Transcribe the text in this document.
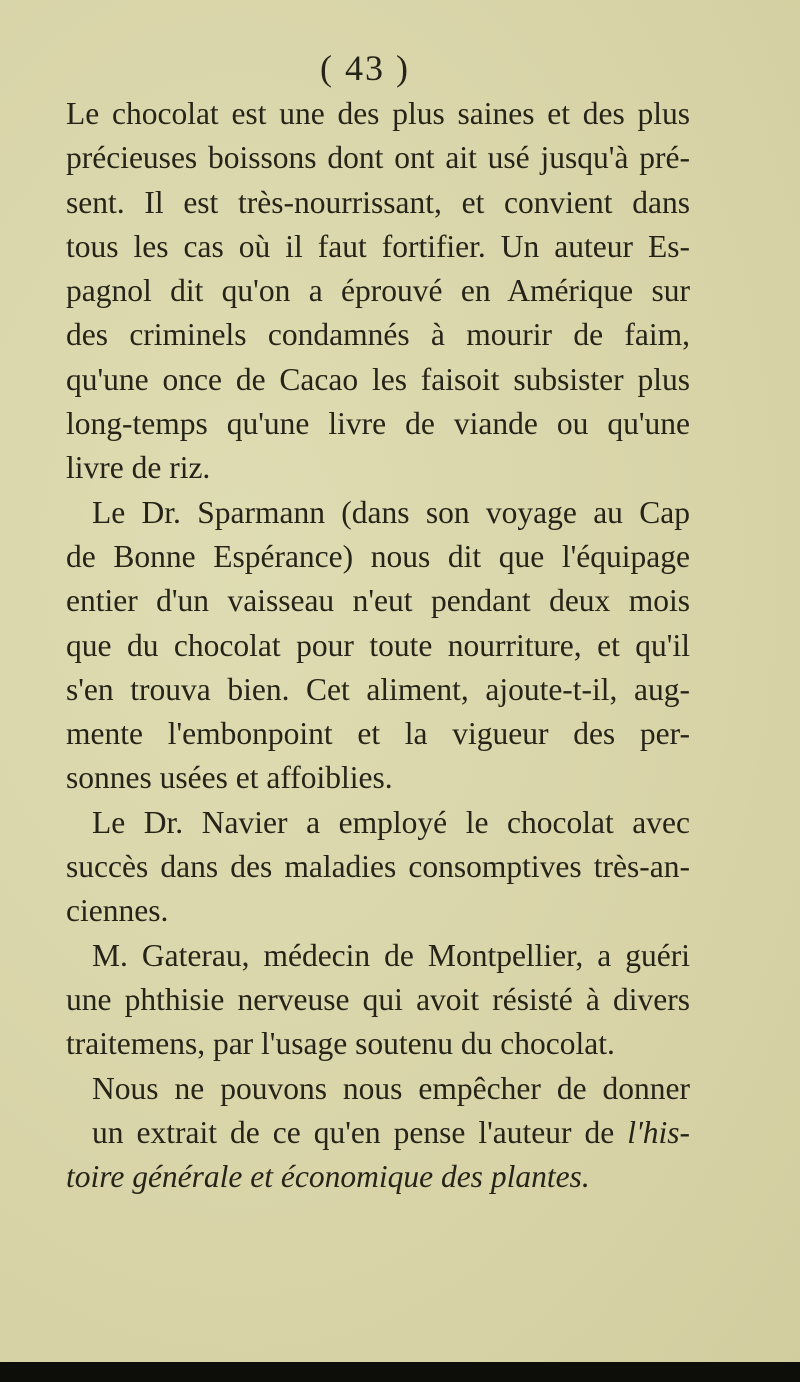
( 43 )
Le chocolat est une des plus saines et des plus
précieuses boissons dont ont ait usé jusqu'à pré-
sent. Il est très-nourrissant, et convient dans
tous les cas où il faut fortifier. Un auteur Es-
pagnol dit qu'on a éprouvé en Amérique sur
des criminels condamnés à mourir de faim,
qu'une once de Cacao les faisoit subsister plus
long-temps qu'une livre de viande ou qu'une
livre de riz.
Le Dr. Sparmann (dans son voyage au Cap
de Bonne Espérance) nous dit que l'équipage
entier d'un vaisseau n'eut pendant deux mois
que du chocolat pour toute nourriture, et qu'il
s'en trouva bien. Cet aliment, ajoute-t-il, aug-
mente l'embonpoint et la vigueur des per-
sonnes usées et affoiblies.
Le Dr. Navier a employé le chocolat avec
succès dans des maladies consomptives très-an-
ciennes.
M. Gaterau, médecin de Montpellier, a guéri
une phthisie nerveuse qui avoit résisté à divers
traitemens, par l'usage soutenu du chocolat.
Nous ne pouvons nous empêcher de donner
un extrait de ce qu'en pense l'auteur de l'his-
toire générale et économique des plantes.
